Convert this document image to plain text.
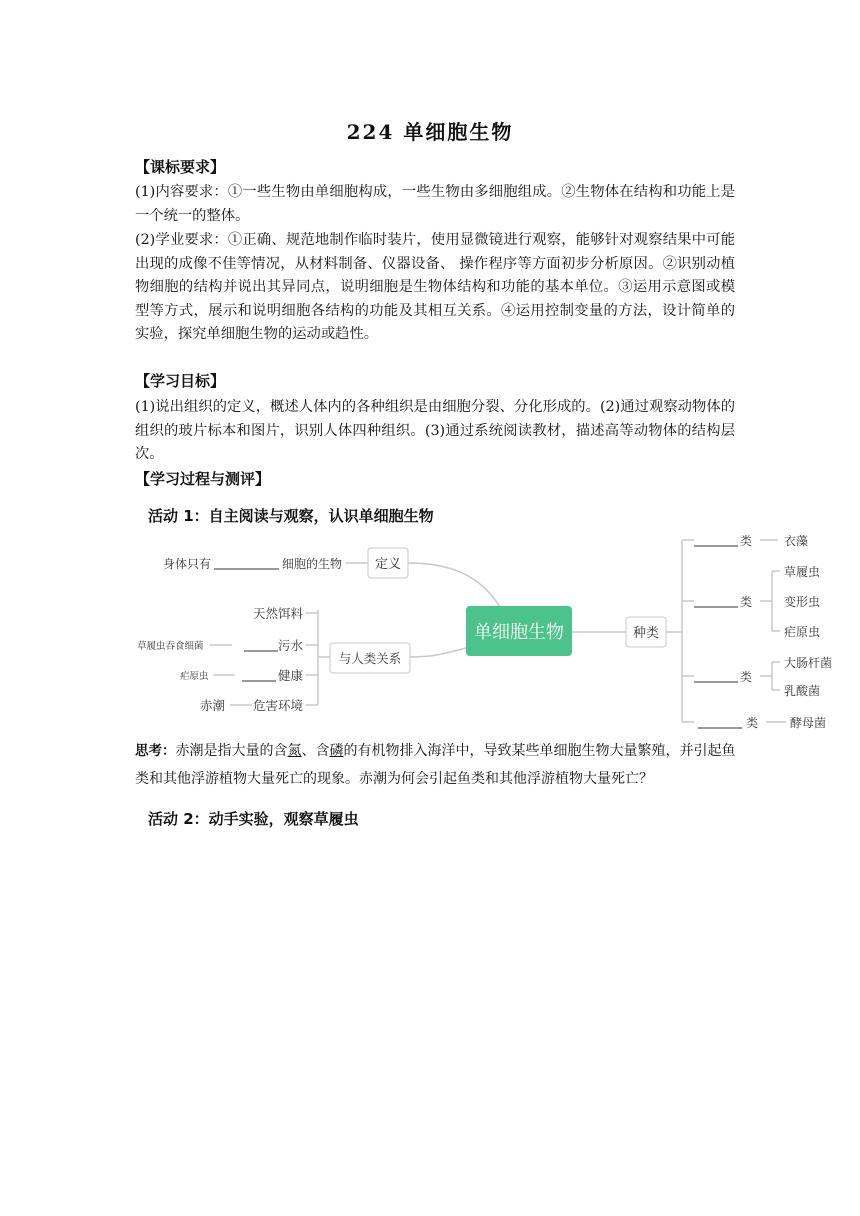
224 单细胞生物
【课标要求】
(1)内容要求：①一些生物由单细胞构成，一些生物由多细胞组成。②生物体在结构和功能上是一个统一的整体。
(2)学业要求：①正确、规范地制作临时装片，使用显微镜进行观察，能够针对观察结果中可能出现的成像不佳等情况，从材料制备、仪器设备、 操作程序等方面初步分析原因。②识别动植物细胞的结构并说出其异同点，说明细胞是生物体结构和功能的基本单位。③运用示意图或模型等方式，展示和说明细胞各结构的功能及其相互关系。④运用控制变量的方法，设计简单的实验，探究单细胞生物的运动或趋性。
【学习目标】
(1)说出组织的定义，概述人体内的各种组织是由细胞分裂、分化形成的。(2)通过观察动物体的组织的玻片标本和图片，识别人体四种组织。(3)通过系统阅读教材，描述高等动物体的结构层次。
【学习过程与测评】
活动 1：自主阅读与观察，认识单细胞生物
单细胞生物
定义
身体只有	细胞的生物
与人类关系
天然饵料
草履虫吞食细菌	污水
疟原虫	健康
赤潮 危害环境
种类
类
类
类
类
衣藻
草履虫
变形虫
疟原虫
大肠杆菌
乳酸菌
酵母菌
思考：赤潮是指大量的含氮、含磷的有机物排入海洋中，导致某些单细胞生物大量繁殖，并引起鱼类和其他浮游植物大量死亡的现象。赤潮为何会引起鱼类和其他浮游植物大量死亡？
活动 2：动手实验，观察草履虫
